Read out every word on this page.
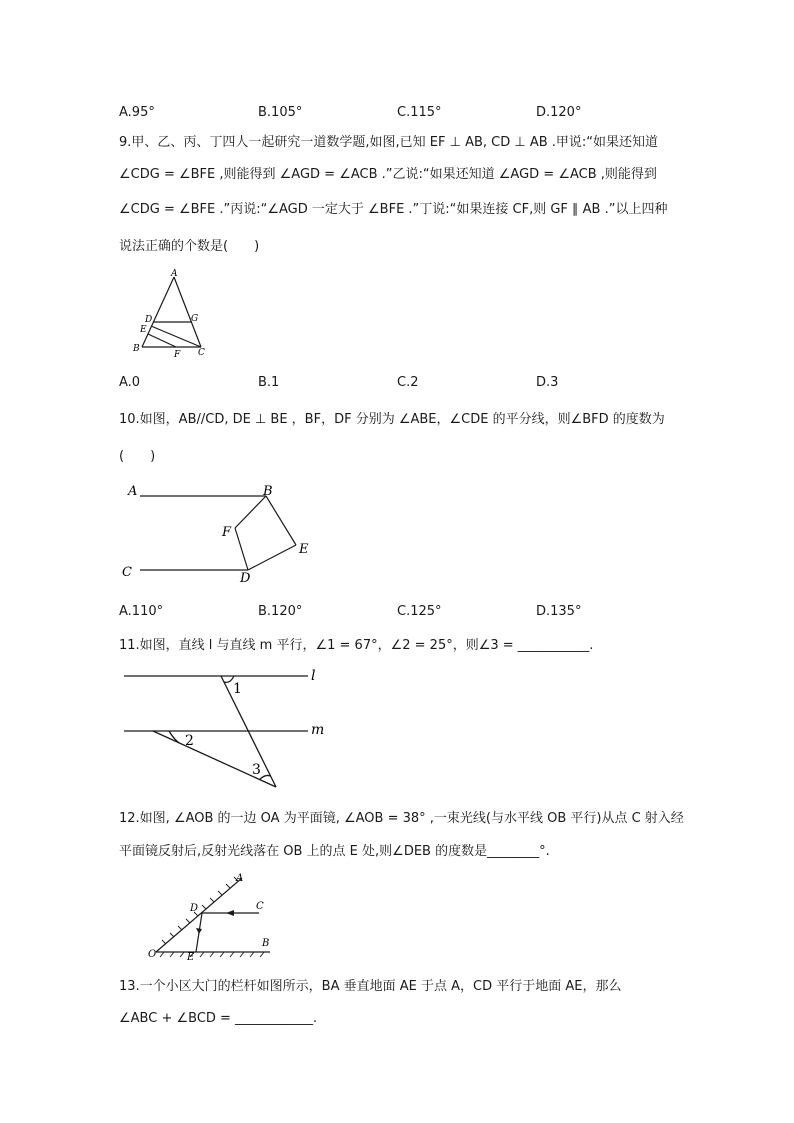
A.95°	B.105°	C.115°	D.120°
9.甲、乙、丙、丁四人一起研究一道数学题,如图,已知 EF ⊥ AB, CD ⊥ AB .甲说:“如果还知道
∠CDG = ∠BFE ,则能得到 ∠AGD = ∠ACB .”乙说:“如果还知道 ∠AGD = ∠ACB ,则能得到
∠CDG = ∠BFE .”丙说:“∠AGD 一定大于 ∠BFE .”丁说:“如果连接 CF,则 GF ∥ AB .”以上四种
说法正确的个数是(　　)
A
D	G
E
B
F C
A.0	B.1	C.2	D.3
10.如图，AB//CD, DE ⊥ BE ，BF，DF 分别为 ∠ABE，∠CDE 的平分线，则∠BFD 的度数为
(　　)
A	B
F
E
C	D
A.110°	B.120°	C.125°	D.135°
11.如图，直线 l 与直线 m 平行，∠1 = 67°，∠2 = 25°，则∠3 = ___________.
l
m
1
2
3
12.如图, ∠AOB 的一边 OA 为平面镜, ∠AOB = 38° ,一束光线(与水平线 OB 平行)从点 C 射入经
平面镜反射后,反射光线落在 OB 上的点 E 处,则∠DEB 的度数是________°.
A
D	C
O	E
B
13.一个小区大门的栏杆如图所示，BA 垂直地面 AE 于点 A，CD 平行于地面 AE，那么
∠ABC + ∠BCD = ____________.
